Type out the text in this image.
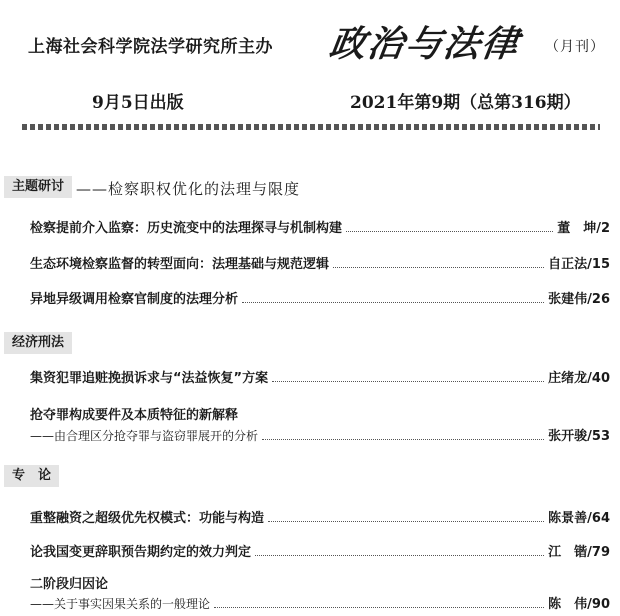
上海社会科学院法学研究所主办 政治与法律 （月刊）
9月5日出版	2021年第9期（总第316期）
主题研讨 ——检察职权优化的法理与限度
检察提前介入监察：历史流变中的法理探寻与机制构建	董　坤/2
生态环境检察监督的转型面向：法理基础与规范逻辑	自正法/15
异地异级调用检察官制度的法理分析	张建伟/26
经济刑法
集资犯罪追赃挽损诉求与“法益恢复”方案	庄绪龙/40
抢夺罪构成要件及本质特征的新解释
——由合理区分抢夺罪与盗窃罪展开的分析	张开骏/53
专　论
重整融资之超级优先权模式：功能与构造	陈景善/64
论我国变更辞职预告期约定的效力判定	江　锴/79
二阶段归因论
——关于事实因果关系的一般理论	陈　伟/90
